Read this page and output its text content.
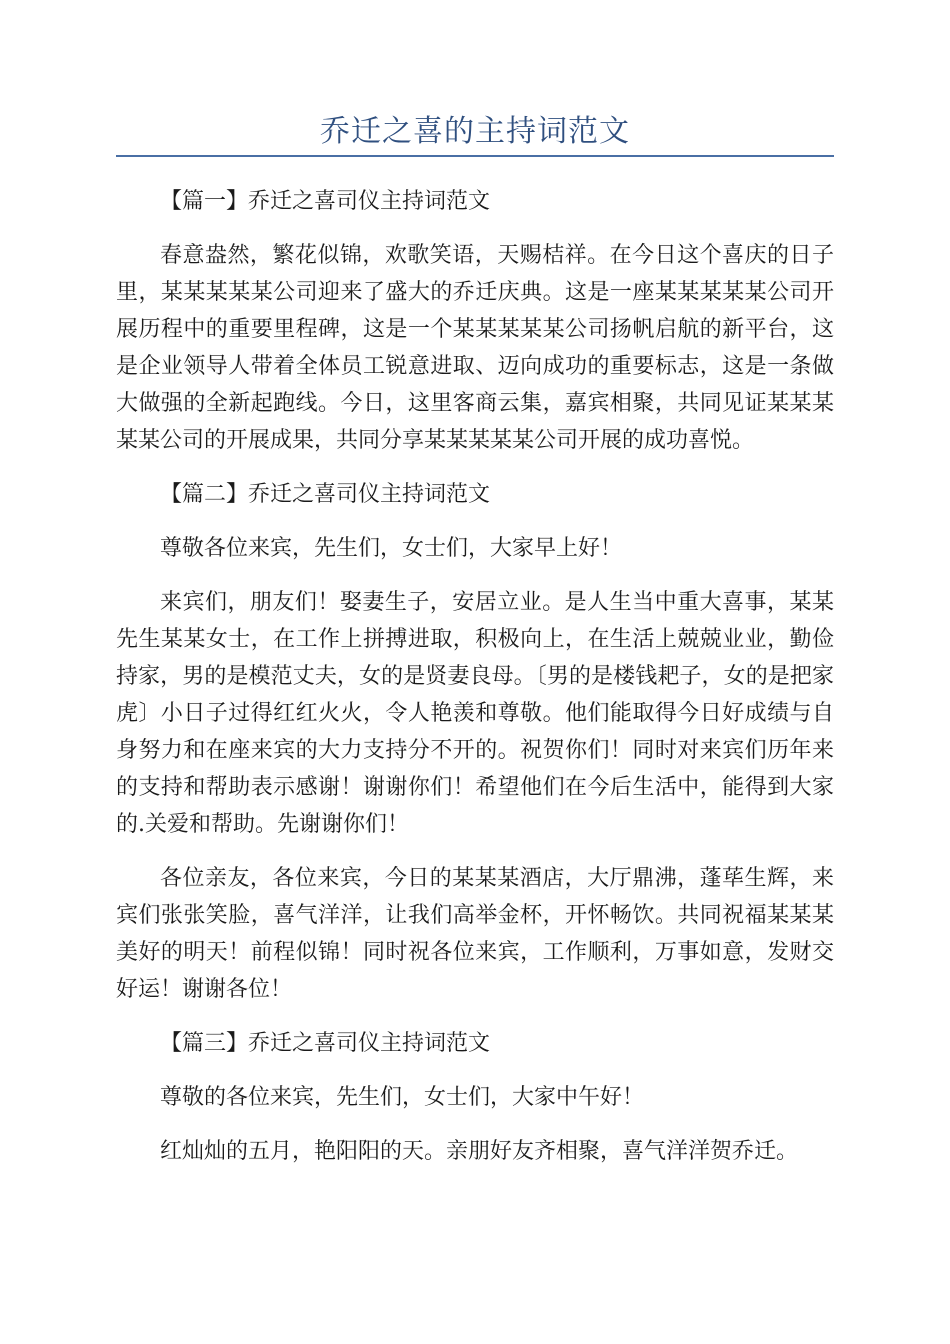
乔迁之喜的主持词范文

【篇一】乔迁之喜司仪主持词范文

春意盎然，繁花似锦，欢歌笑语，天赐桔祥。在今日这个喜庆的日子里，某某某某某公司迎来了盛大的乔迁庆典。这是一座某某某某某公司开展历程中的重要里程碑，这是一个某某某某某公司扬帆启航的新平台，这是企业领导人带着全体员工锐意进取、迈向成功的重要标志，这是一条做大做强的全新起跑线。今日，这里客商云集，嘉宾相聚，共同见证某某某某某公司的开展成果，共同分享某某某某某公司开展的成功喜悦。

【篇二】乔迁之喜司仪主持词范文

尊敬各位来宾，先生们，女士们，大家早上好！

来宾们，朋友们！娶妻生子，安居立业。是人生当中重大喜事，某某先生某某女士，在工作上拼搏进取，积极向上，在生活上兢兢业业，勤俭持家，男的是模范丈夫，女的是贤妻良母。〔男的是楼钱耙子，女的是把家虎〕小日子过得红红火火，令人艳羡和尊敬。他们能取得今日好成绩与自身努力和在座来宾的大力支持分不开的。祝贺你们！同时对来宾们历年来的支持和帮助表示感谢！谢谢你们！希望他们在今后生活中，能得到大家的.关爱和帮助。先谢谢你们！

各位亲友，各位来宾，今日的某某某酒店，大厅鼎沸，蓬荜生辉，来宾们张张笑脸，喜气洋洋，让我们高举金杯，开怀畅饮。共同祝福某某某美好的明天！前程似锦！同时祝各位来宾，工作顺利，万事如意，发财交好运！谢谢各位！

【篇三】乔迁之喜司仪主持词范文

尊敬的各位来宾，先生们，女士们，大家中午好！

红灿灿的五月，艳阳阳的天。亲朋好友齐相聚，喜气洋洋贺乔迁。
